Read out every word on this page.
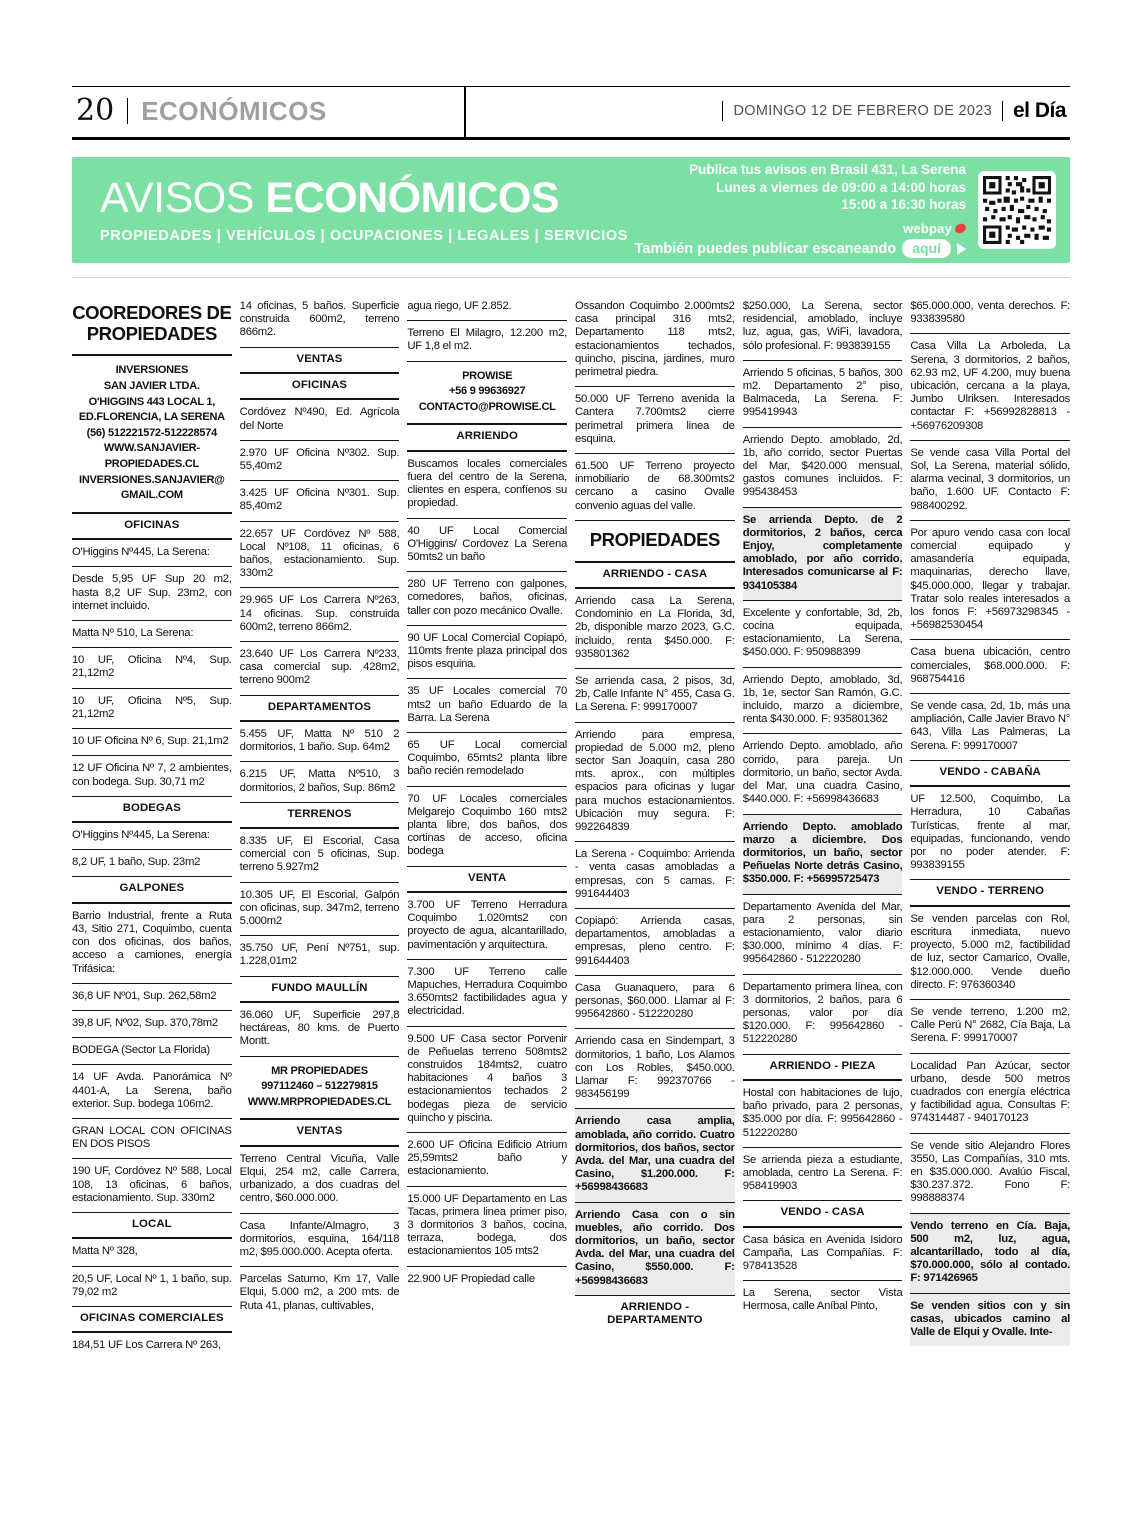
20 ECONÓMICOS	DOMINGO 12 DE FEBRERO DE 2023 el Día
AVISOS ECONÓMICOS
PROPIEDADES | VEHÍCULOS | OCUPACIONES | LEGALES | SERVICIOS
Publica tus avisos en Brasil 431, La Serena
Lunes a viernes de 09:00 a 14:00 horas
15:00 a 16:30 horas
webpay
También puedes publicar escaneando	aquí
COOREDORES DE PROPIEDADES
INVERSIONES
SAN JAVIER LTDA.
O'HIGGINS 443 LOCAL 1,
ED.FLORENCIA, LA SERENA
(56) 512221572-512228574
WWW.SANJAVIER-
PROPIEDADES.CL
INVERSIONES.SANJAVIER@
GMAIL.COM
OFICINAS
O'Higgins Nº445, La Serena:
Desde 5,95 UF Sup 20 m2, hasta 8,2 UF Sup. 23m2, con internet incluido.
Matta Nº 510, La Serena:
10 UF, Oficina Nº4, Sup. 21,12m2
10 UF, Oficina Nº5, Sup. 21,12m2
10 UF Oficina Nº 6, Sup. 21,1m2
12 UF Oficina Nº 7, 2 ambientes, con bodega. Sup. 30,71 m2
BODEGAS
O'Higgins Nº445, La Serena:
8,2 UF, 1 baño, Sup. 23m2
GALPONES
Barrio Industrial, frente a Ruta 43, Sitio 271, Coquimbo, cuenta con dos oficinas, dos baños, acceso a camiones, energía Trifásica:
36,8 UF Nº01, Sup. 262,58m2
39,8 UF, Nº02, Sup. 370,78m2
BODEGA (Sector La Florida)
14 UF Avda. Panorámica Nº 4401-A, La Serena, baño exterior. Sup. bodega 106m2.
GRAN LOCAL CON OFICINAS EN DOS PISOS
190 UF, Cordóvez Nº 588, Local 108, 13 oficinas, 6 baños, estacionamiento. Sup. 330m2
LOCAL
Matta Nº 328,
20,5 UF, Local Nº 1, 1 baño, sup. 79,02 m2
OFICINAS COMERCIALES
184,51 UF Los Carrera Nº 263,
14 oficinas, 5 baños. Superficie construida 600m2, terreno 866m2.
VENTAS
OFICINAS
Cordóvez Nº490, Ed. Agrícola del Norte
2.970 UF Oficina Nº302. Sup. 55,40m2
3.425 UF Oficina Nº301. Sup. 85,40m2
22.657 UF Cordóvez Nº 588, Local Nº108, 11 oficinas, 6 baños, estacionamiento. Sup. 330m2
29.965 UF Los Carrera Nº263, 14 oficinas. Sup. construida 600m2, terreno 866m2.
23.640 UF Los Carrera Nº233, casa comercial sup. 428m2, terreno 900m2
DEPARTAMENTOS
5.455 UF, Matta Nº 510 2 dormitorios, 1 baño. Sup. 64m2
6.215 UF, Matta Nº510, 3 dormitorios, 2 baños, Sup. 86m2
TERRENOS
8.335 UF, El Escorial, Casa comercial con 5 oficinas, Sup. terreno 5.927m2
10.305 UF, El Escorial, Galpón con oficinas, sup. 347m2, terreno 5.000m2
35.750 UF, Pení Nº751, sup. 1.228,01m2
FUNDO MAULLÍN
36.060 UF, Superficie 297,8 hectáreas, 80 kms. de Puerto Montt.
MR PROPIEDADES
997112460 – 512279815
WWW.MRPROPIEDADES.CL
VENTAS
Terreno Central Vicuña, Valle Elqui, 254 m2, calle Carrera, urbanizado, a dos cuadras del centro, $60.000.000.
Casa Infante/Almagro, 3 dormitorios, esquina, 164/118 m2, $95.000.000. Acepta oferta.
Parcelas Saturno, Km 17, Valle Elqui, 5.000 m2, a 200 mts. de Ruta 41, planas, cultivables,
agua riego, UF 2.852.
Terreno El Milagro, 12.200 m2, UF 1,8 el m2.
PROWISE
+56 9 99636927
CONTACTO@PROWISE.CL
ARRIENDO
Buscamos locales comerciales fuera del centro de la Serena, clientes en espera, confíenos su propiedad.
40 UF Local Comercial O'Higgins/ Cordovez La Serena 50mts2 un baño
280 UF Terreno con galpones, comedores, baños, oficinas, taller con pozo mecánico Ovalle.
90 UF Local Comercial Copiapó, 110mts frente plaza principal dos pisos esquina.
35 UF Locales comercial 70 mts2 un baño Eduardo de la Barra. La Serena
65 UF Local comercial Coquimbo, 65mts2 planta libre baño recién remodelado
70 UF Locales comerciales Melgarejo Coquimbo 160 mts2 planta libre, dos baños, dos cortinas de acceso, oficina bodega
VENTA
3.700 UF Terreno Herradura Coquimbo 1.020mts2 con proyecto de agua, alcantarillado, pavimentación y arquitectura.
7.300 UF Terreno calle Mapuches, Herradura Coquimbo 3.650mts2 factibilidades agua y electricidad.
9.500 UF Casa sector Porvenir de Peñuelas terreno 508mts2 construidos 184mts2, cuatro habitaciones 4 baños 3 estacionamientos techados 2 bodegas pieza de servicio quincho y piscina.
2.600 UF Oficina Edificio Atrium 25,59mts2 baño y estacionamiento.
15.000 UF Departamento en Las Tacas, primera linea primer piso, 3 dormitorios 3 baños, cocina, terraza, bodega, dos estacionamientos 105 mts2
22.900 UF Propiedad calle
Ossandon Coquimbo 2.000mts2 casa principal 316 mts2, Departamento 118 mts2, estacionamientos techados, quincho, piscina, jardines, muro perimetral piedra.
50.000 UF Terreno avenida la Cantera 7.700mts2 cierre perimetral primera linea de esquina.
61.500 UF Terreno proyecto inmobiliario de 68.300mts2 cercano a casino Ovalle convenio aguas del valle.
PROPIEDADES
ARRIENDO - CASA
Arriendo casa La Serena, Condominio en La Florida, 3d, 2b, disponible marzo 2023, G.C. incluido, renta $450.000. F: 935801362
Se arrienda casa, 2 pisos, 3d, 2b, Calle Infante N° 455, Casa G. La Serena. F: 999170007
Arriendo para empresa, propiedad de 5.000 m2, pleno sector San Joaquín, casa 280 mts. aprox., con múltiples espacios para oficinas y lugar para muchos estacionamientos. Ubicación muy segura. F: 992264839
La Serena - Coquimbo: Arrienda - venta casas amobladas a empresas, con 5 camas. F: 991644403
Copiapó: Arrienda casas, departamentos, amobladas a empresas, pleno centro. F: 991644403
Casa Guanaquero, para 6 personas, $60.000. Llamar al F: 995642860 - 512220280
Arriendo casa en Sindempart, 3 dormitorios, 1 baño, Los Alamos con Los Robles, $450.000. Llamar F: 992370766 - 983456199
Arriendo casa amplia, amoblada, año corrido. Cuatro dormitorios, dos baños, sector Avda. del Mar, una cuadra del Casino, $1.200.000. F: +56998436683
Arriendo Casa con o sin muebles, año corrido. Dos dormitorios, un baño, sector Avda. del Mar, una cuadra del Casino, $550.000. F: +56998436683
ARRIENDO - DEPARTAMENTO
$250.000, La Serena, sector residencial, amoblado, incluye luz, agua, gas, WiFi, lavadora, sólo profesional. F: 993839155
Arriendo 5 oficinas, 5 baños, 300 m2. Departamento 2° piso, Balmaceda, La Serena. F: 995419943
Arriendo Depto. amoblado, 2d, 1b, año corrido, sector Puertas del Mar, $420.000 mensual, gastos comunes incluidos. F: 995438453
Se arrienda Depto. de 2 dormitorios, 2 baños, cerca Enjoy, completamente amoblado, por año corrido. Interesados comunicarse al F: 934105384
Excelente y confortable, 3d, 2b, cocina equipada, estacionamiento, La Serena, $450.000. F: 950988399
Arriendo Depto, amoblado, 3d, 1b, 1e, sector San Ramón, G.C. incluido, marzo a diciembre, renta $430.000. F: 935801362
Arriendo Depto. amoblado, año corrido, para pareja. Un dormitorio, un baño, sector Avda. del Mar, una cuadra Casino, $440.000. F: +56998436683
Arriendo Depto. amoblado marzo a diciembre. Dos dormitorios, un baño, sector Peñuelas Norte detrás Casino, $350.000. F: +56995725473
Departamento Avenida del Mar, para 2 personas, sin estacionamiento, valor diario $30.000, mínimo 4 días. F: 995642860 - 512220280
Departamento primera línea, con 3 dormitorios, 2 baños, para 6 personas, valor por día $120.000. F: 995642860 - 512220280
ARRIENDO - PIEZA
Hostal con habitaciones de lujo, baño privado, para 2 personas, $35.000 por día. F: 995642860 - 512220280
Se arrienda pieza a estudiante, amoblada, centro La Serena. F: 958419903
VENDO - CASA
Casa básica en Avenida Isidoro Campaña, Las Compañías. F: 978413528
La Serena, sector Vista Hermosa, calle Aníbal Pinto,
$65.000.000, venta derechos. F: 933839580
Casa Villa La Arboleda, La Serena, 3 dormitorios, 2 baños, 62.93 m2, UF 4.200, muy buena ubicación, cercana a la playa, Jumbo Ulriksen. Interesados contactar F: +56992828813 - +56976209308
Se vende casa Villa Portal del Sol, La Serena, material sólido, alarma vecinal, 3 dormitorios, un baño, 1.600 UF. Contacto F: 988400292.
Por apuro vendo casa con local comercial equipado y amasandería equipada, maquinarias, derecho llave, $45.000.000, llegar y trabajar. Tratar solo reales interesados a los fonos F: +56973298345 - +56982530454
Casa buena ubicación, centro comerciales, $68.000.000. F: 968754416
Se vende casa, 2d, 1b, más una ampliación, Calle Javier Bravo N° 643, Villa Las Palmeras, La Serena. F: 999170007
VENDO - CABAÑA
UF 12.500, Coquimbo, La Herradura, 10 Cabañas Turísticas, frente al mar, equipadas, funcionando, vendo por no poder atender. F: 993839155
VENDO - TERRENO
Se venden parcelas con Rol, escritura inmediata, nuevo proyecto, 5.000 m2, factibilidad de luz, sector Camarico, Ovalle, $12.000.000. Vende dueño directo. F: 976360340
Se vende terreno, 1.200 m2, Calle Perú N° 2682, Cía Baja, La Serena. F: 999170007
Localidad Pan Azúcar, sector urbano, desde 500 metros cuadrados con energía eléctrica y factibilidad agua. Consultas F: 974314487 - 940170123
Se vende sitio Alejandro Flores 3550, Las Compañías, 310 mts. en $35.000.000. Avalúo Fiscal, $30.237.372. Fono F: 998888374
Vendo terreno en Cía. Baja, 500 m2, luz, agua, alcantarillado, todo al día, $70.000.000, sólo al contado. F: 971426965
Se venden sitios con y sin casas, ubicados camino al Valle de Elqui y Ovalle. Inte-
